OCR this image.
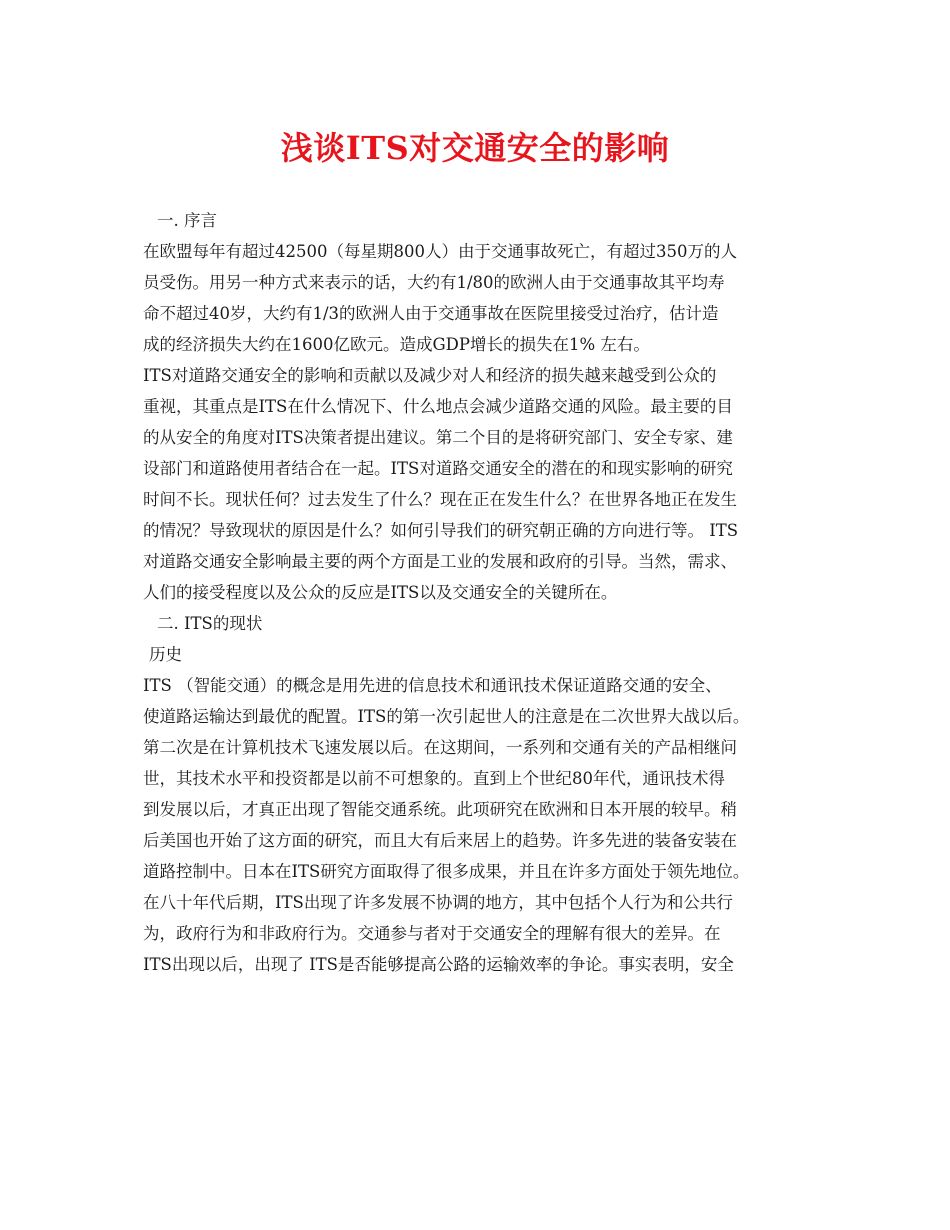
浅谈ITS对交通安全的影响
一. 序言
在欧盟每年有超过42500（每星期800人）由于交通事故死亡，有超过350万的人
员受伤。用另一种方式来表示的话，大约有1/80的欧洲人由于交通事故其平均寿
命不超过40岁，大约有1/3的欧洲人由于交通事故在医院里接受过治疗，估计造
成的经济损失大约在1600亿欧元。造成GDP增长的损失在1% 左右。
ITS对道路交通安全的影响和贡献以及减少对人和经济的损失越来越受到公众的
重视，其重点是ITS在什么情况下、什么地点会减少道路交通的风险。最主要的目
的从安全的角度对ITS决策者提出建议。第二个目的是将研究部门、安全专家、建
设部门和道路使用者结合在一起。ITS对道路交通安全的潜在的和现实影响的研究
时间不长。现状任何？过去发生了什么？现在正在发生什么？在世界各地正在发生
的情况？导致现状的原因是什么？如何引导我们的研究朝正确的方向进行等。 ITS
对道路交通安全影响最主要的两个方面是工业的发展和政府的引导。当然，需求、
人们的接受程度以及公众的反应是ITS以及交通安全的关键所在。
二. ITS的现状
历史
ITS （智能交通）的概念是用先进的信息技术和通讯技术保证道路交通的安全、
使道路运输达到最优的配置。ITS的第一次引起世人的注意是在二次世界大战以后。
第二次是在计算机技术飞速发展以后。在这期间，一系列和交通有关的产品相继问
世，其技术水平和投资都是以前不可想象的。直到上个世纪80年代，通讯技术得
到发展以后，才真正出现了智能交通系统。此项研究在欧洲和日本开展的较早。稍
后美国也开始了这方面的研究，而且大有后来居上的趋势。许多先进的装备安装在
道路控制中。日本在ITS研究方面取得了很多成果，并且在许多方面处于领先地位。
在八十年代后期，ITS出现了许多发展不协调的地方，其中包括个人行为和公共行
为，政府行为和非政府行为。交通参与者对于交通安全的理解有很大的差异。在
ITS出现以后，出现了 ITS是否能够提高公路的运输效率的争论。事实表明，安全
